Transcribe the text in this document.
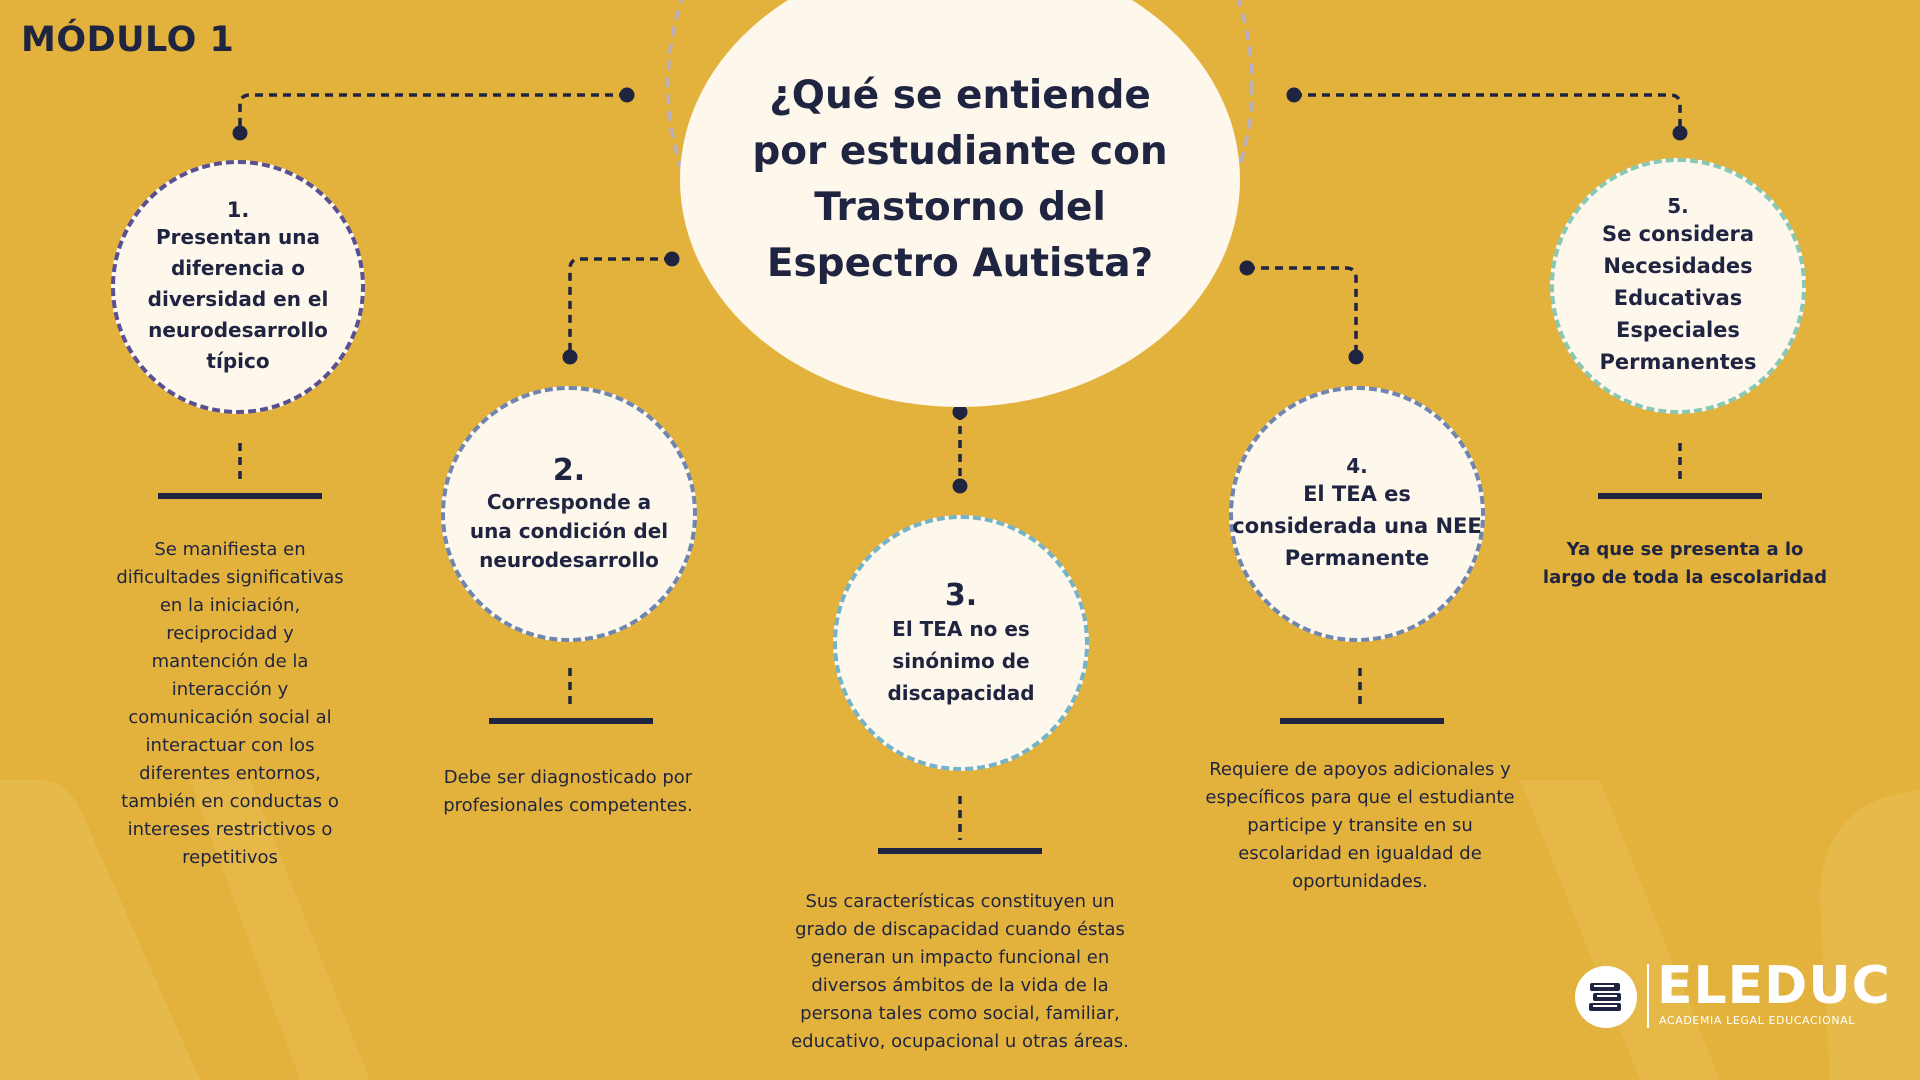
MÓDULO 1
¿Qué se entiende por estudiante con Trastorno del Espectro Autista?
1.
Presentan una diferencia o diversidad en el neurodesarrollo típico
2.
Corresponde a una condición del neurodesarrollo
3.
El TEA no es sinónimo de discapacidad
4.
El TEA es considerada una NEE Permanente
5.
Se considera Necesidades Educativas Especiales Permanentes
Se manifiesta en dificultades significativas en la iniciación, reciprocidad y mantención de la interacción y comunicación social al interactuar con los diferentes entornos, también en conductas o intereses restrictivos o repetitivos
Debe ser diagnosticado por profesionales competentes.
Sus características constituyen un grado de discapacidad cuando éstas generan un impacto funcional en diversos ámbitos de la vida de la persona tales como social, familiar, educativo, ocupacional u otras áreas.
Requiere de apoyos adicionales y específicos para que el estudiante participe y transite en su escolaridad en igualdad de oportunidades.
Ya que se presenta a lo largo de toda la escolaridad
ELEDUC
ACADEMIA LEGAL EDUCACIONAL
